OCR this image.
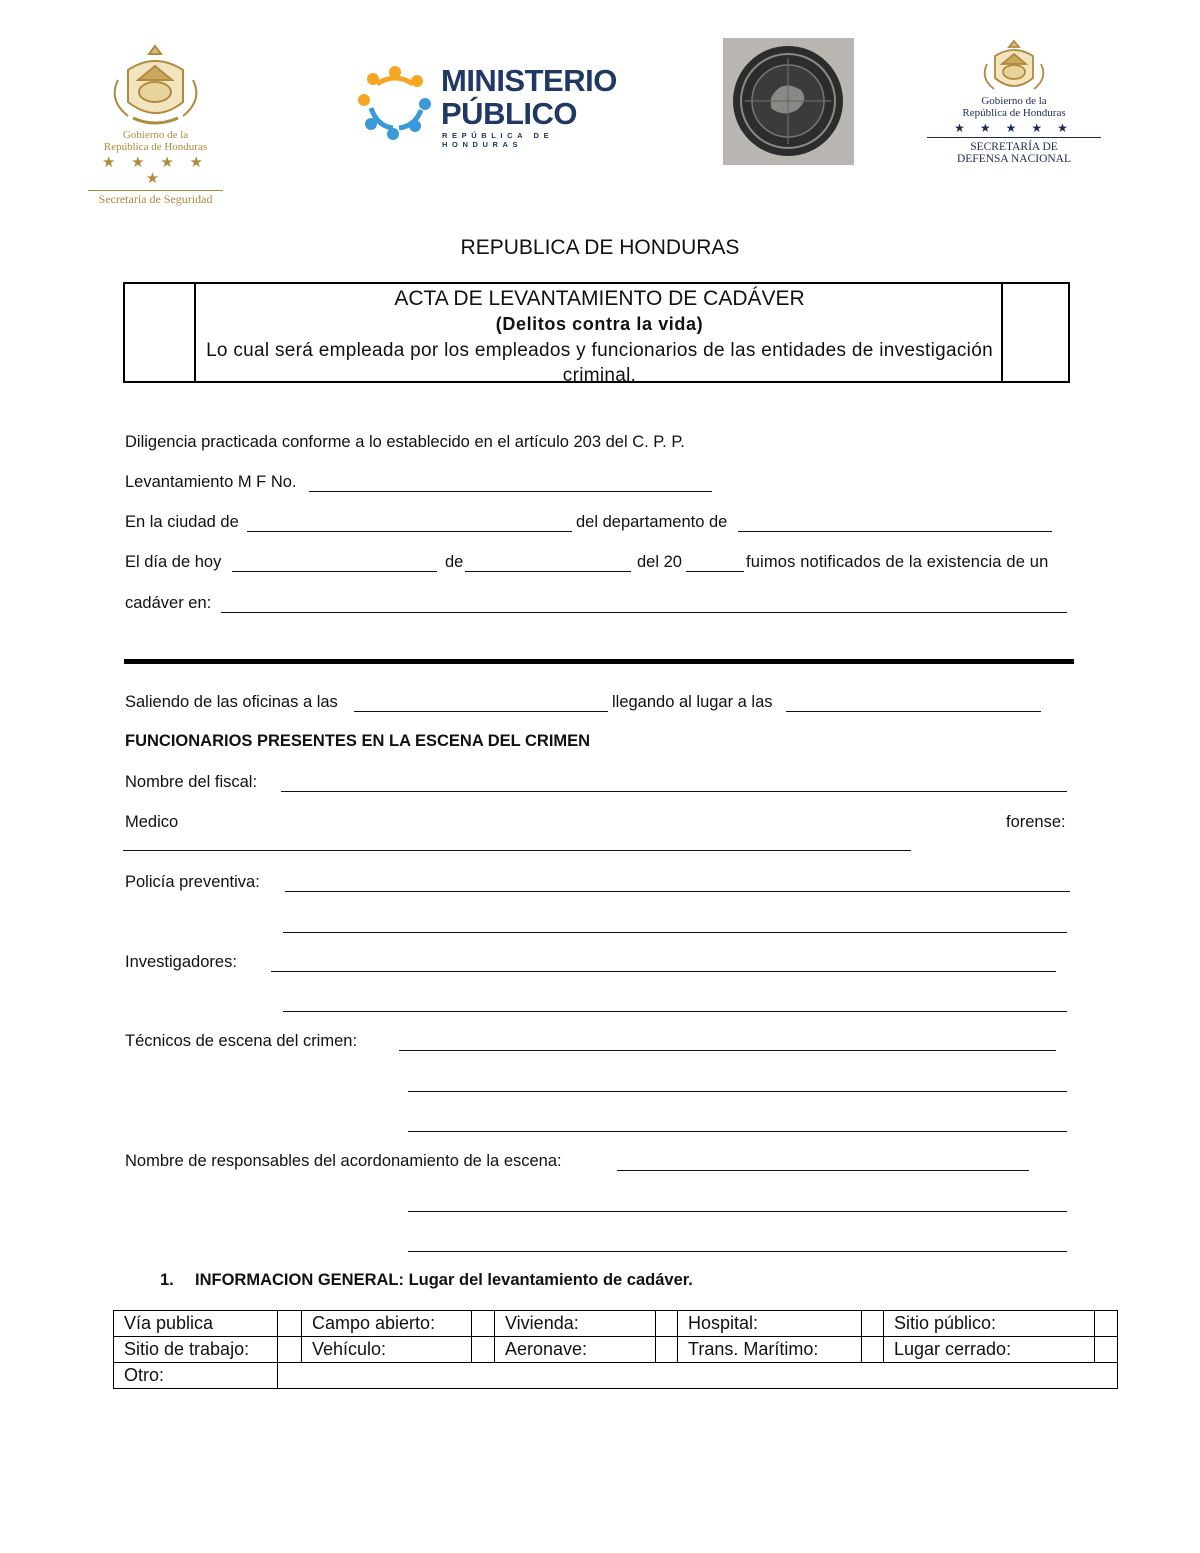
Gobierno de la
República de Honduras
★ ★ ★ ★ ★
Secretaría de Seguridad
MINISTERIO
PÚBLICO
REPÚBLICA DE HONDURAS
Gobierno de la
República de Honduras
★ ★ ★ ★ ★
SECRETARÍA DE
DEFENSA NACIONAL
REPUBLICA DE HONDURAS
ACTA DE LEVANTAMIENTO DE CADÁVER
(Delitos contra la vida)
Lo cual será empleada por los empleados y funcionarios de las entidades de investigación criminal.
Diligencia practicada conforme a lo establecido en el artículo 203 del C. P. P.
Levantamiento M F No.
En la ciudad de	del departamento de
El día de hoy	de	del 20	fuimos notificados de la existencia de un
cadáver en:
Saliendo de las oficinas a las	llegando al lugar a las
FUNCIONARIOS PRESENTES EN LA ESCENA DEL CRIMEN
Nombre del fiscal:
Medico	forense:
Policía preventiva:
Investigadores:
Técnicos de escena del crimen:
Nombre de responsables del acordonamiento de la escena:
1. INFORMACION GENERAL: Lugar del levantamiento de cadáver.
Vía publica		Campo abierto:		Vivienda:		Hospital:		Sitio público:	
Sitio de trabajo:		Vehículo:		Aeronave:		Trans. Marítimo:		Lugar cerrado:	
Otro:									
